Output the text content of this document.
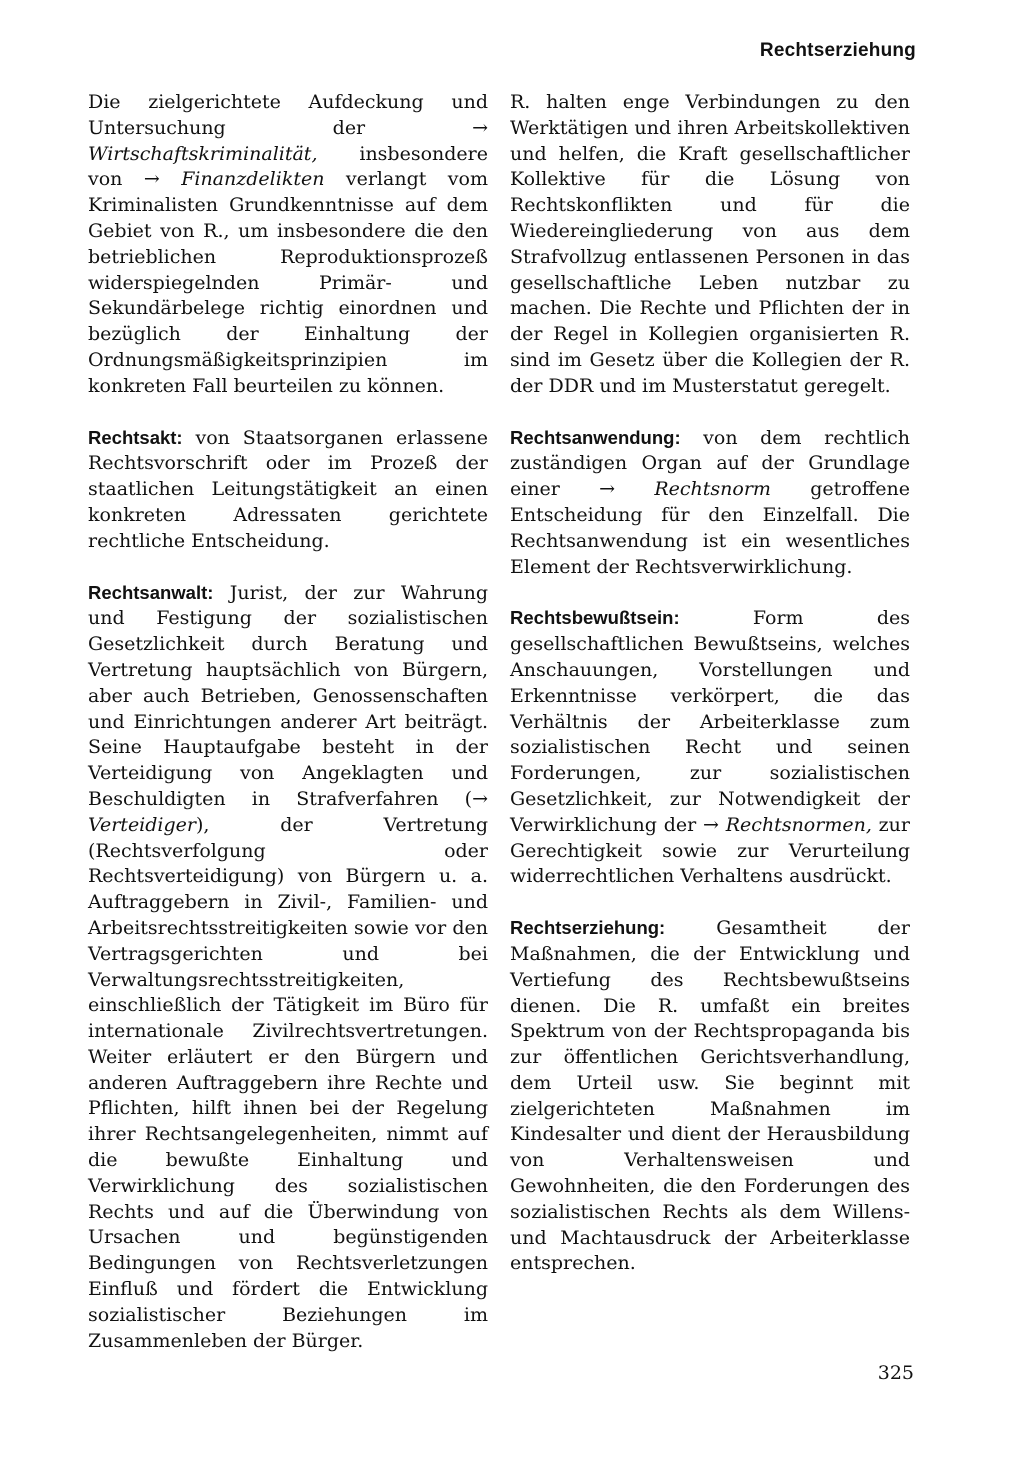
Rechtserziehung

Die zielgerichtete Aufdeckung und Untersuchung der → Wirtschaftskriminalität, insbesondere von → Finanzdelikten verlangt vom Kriminalisten Grundkenntnisse auf dem Gebiet von R., um insbesondere die den betrieblichen Reproduktionsprozeß widerspiegelnden Primär- und Sekundärbelege richtig einordnen und bezüglich der Einhaltung der Ordnungsmäßigkeitsprinzipien im konkreten Fall beurteilen zu können.

Rechtsakt: von Staatsorganen erlassene Rechtsvorschrift oder im Prozeß der staatlichen Leitungstätigkeit an einen konkreten Adressaten gerichtete rechtliche Entscheidung.

Rechtsanwalt: Jurist, der zur Wahrung und Festigung der sozialistischen Gesetzlichkeit durch Beratung und Vertretung hauptsächlich von Bürgern, aber auch Betrieben, Genossenschaften und Einrichtungen anderer Art beiträgt. Seine Hauptaufgabe besteht in der Verteidigung von Angeklagten und Beschuldigten in Strafverfahren (→ Verteidiger), der Vertretung (Rechtsverfolgung oder Rechtsverteidigung) von Bürgern u. a. Auftraggebern in Zivil-, Familien- und Arbeitsrechtsstreitigkeiten sowie vor den Vertragsgerichten und bei Verwaltungsrechtsstreitigkeiten, einschließlich der Tätigkeit im Büro für internationale Zivilrechtsvertretungen. Weiter erläutert er den Bürgern und anderen Auftraggebern ihre Rechte und Pflichten, hilft ihnen bei der Regelung ihrer Rechtsangelegenheiten, nimmt auf die bewußte Einhaltung und Verwirklichung des sozialistischen Rechts und auf die Überwindung von Ursachen und begünstigenden Bedingungen von Rechtsverletzungen Einfluß und fördert die Entwicklung sozialistischer Beziehungen im Zusammenleben der Bürger.

R. halten enge Verbindungen zu den Werktätigen und ihren Arbeitskollektiven und helfen, die Kraft gesellschaftlicher Kollektive für die Lösung von Rechtskonflikten und für die Wiedereingliederung von aus dem Strafvollzug entlassenen Personen in das gesellschaftliche Leben nutzbar zu machen. Die Rechte und Pflichten der in der Regel in Kollegien organisierten R. sind im Gesetz über die Kollegien der R. der DDR und im Musterstatut geregelt.

Rechtsanwendung: von dem rechtlich zuständigen Organ auf der Grundlage einer → Rechtsnorm getroffene Entscheidung für den Einzelfall. Die Rechtsanwendung ist ein wesentliches Element der Rechtsverwirklichung.

Rechtsbewußtsein: Form des gesellschaftlichen Bewußtseins, welches Anschauungen, Vorstellungen und Erkenntnisse verkörpert, die das Verhältnis der Arbeiterklasse zum sozialistischen Recht und seinen Forderungen, zur sozialistischen Gesetzlichkeit, zur Notwendigkeit der Verwirklichung der → Rechtsnormen, zur Gerechtigkeit sowie zur Verurteilung widerrechtlichen Verhaltens ausdrückt.

Rechtserziehung: Gesamtheit der Maßnahmen, die der Entwicklung und Vertiefung des Rechtsbewußtseins dienen. Die R. umfaßt ein breites Spektrum von der Rechtspropaganda bis zur öffentlichen Gerichtsverhandlung, dem Urteil usw. Sie beginnt mit zielgerichteten Maßnahmen im Kindesalter und dient der Herausbildung von Verhaltensweisen und Gewohnheiten, die den Forderungen des sozialistischen Rechts als dem Willens- und Machtausdruck der Arbeiterklasse entsprechen.

325
